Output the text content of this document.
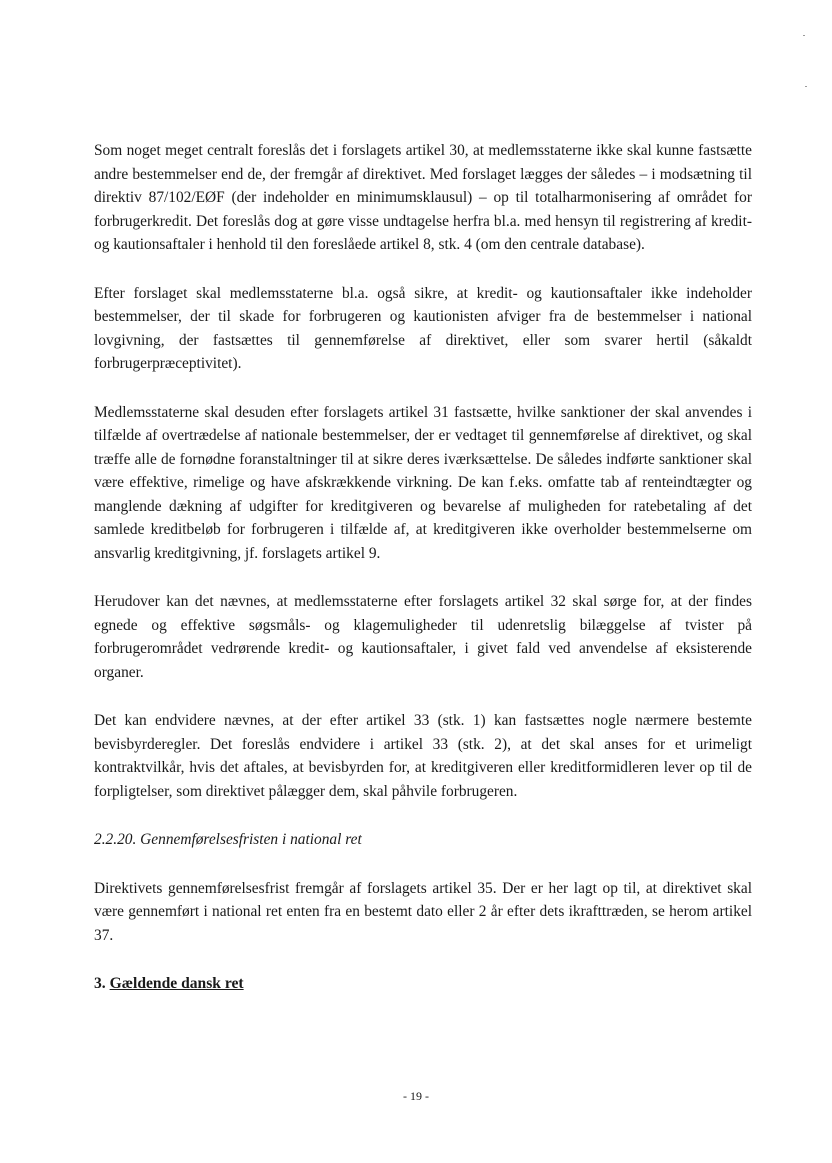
Som noget meget centralt foreslås det i forslagets artikel 30, at medlemsstaterne ikke skal kunne fastsætte andre bestemmelser end de, der fremgår af direktivet. Med forslaget lægges der således – i modsætning til direktiv 87/102/EØF (der indeholder en minimumsklausul) – op til totalharmonisering af området for forbrugerkredit. Det foreslås dog at gøre visse undtagelse herfra bl.a. med hensyn til registrering af kredit- og kautionsaftaler i henhold til den foreslåede artikel 8, stk. 4 (om den centrale database).

Efter forslaget skal medlemsstaterne bl.a. også sikre, at kredit- og kautionsaftaler ikke indeholder bestemmelser, der til skade for forbrugeren og kautionisten afviger fra de bestemmelser i national lovgivning, der fastsættes til gennemførelse af direktivet, eller som svarer hertil (såkaldt forbrugerpræceptivitet).

Medlemsstaterne skal desuden efter forslagets artikel 31 fastsætte, hvilke sanktioner der skal anvendes i tilfælde af overtrædelse af nationale bestemmelser, der er vedtaget til gennemførelse af direktivet, og skal træffe alle de fornødne foranstaltninger til at sikre deres iværksættelse. De således indførte sanktioner skal være effektive, rimelige og have afskrækkende virkning. De kan f.eks. omfatte tab af renteindtægter og manglende dækning af udgifter for kreditgiveren og bevarelse af muligheden for ratebetaling af det samlede kreditbeløb for forbrugeren i tilfælde af, at kreditgiveren ikke overholder bestemmelserne om ansvarlig kreditgivning, jf. forslagets artikel 9.

Herudover kan det nævnes, at medlemsstaterne efter forslagets artikel 32 skal sørge for, at der findes egnede og effektive søgsmåls- og klagemuligheder til udenretslig bilæggelse af tvister på forbrugerområdet vedrørende kredit- og kautionsaftaler, i givet fald ved anvendelse af eksisterende organer.

Det kan endvidere nævnes, at der efter artikel 33 (stk. 1) kan fastsættes nogle nærmere bestemte bevisbyrderegler. Det foreslås endvidere i artikel 33 (stk. 2), at det skal anses for et urimeligt kontraktvilkår, hvis det aftales, at bevisbyrden for, at kreditgiveren eller kreditformidleren lever op til de forpligtelser, som direktivet pålægger dem, skal påhvile forbrugeren.

2.2.20. Gennemførelsesfristen i national ret

Direktivets gennemførelsesfrist fremgår af forslagets artikel 35. Der er her lagt op til, at direktivet skal være gennemført i national ret enten fra en bestemt dato eller 2 år efter dets ikrafttræden, se herom artikel 37.

3. Gældende dansk ret

- 19 -
